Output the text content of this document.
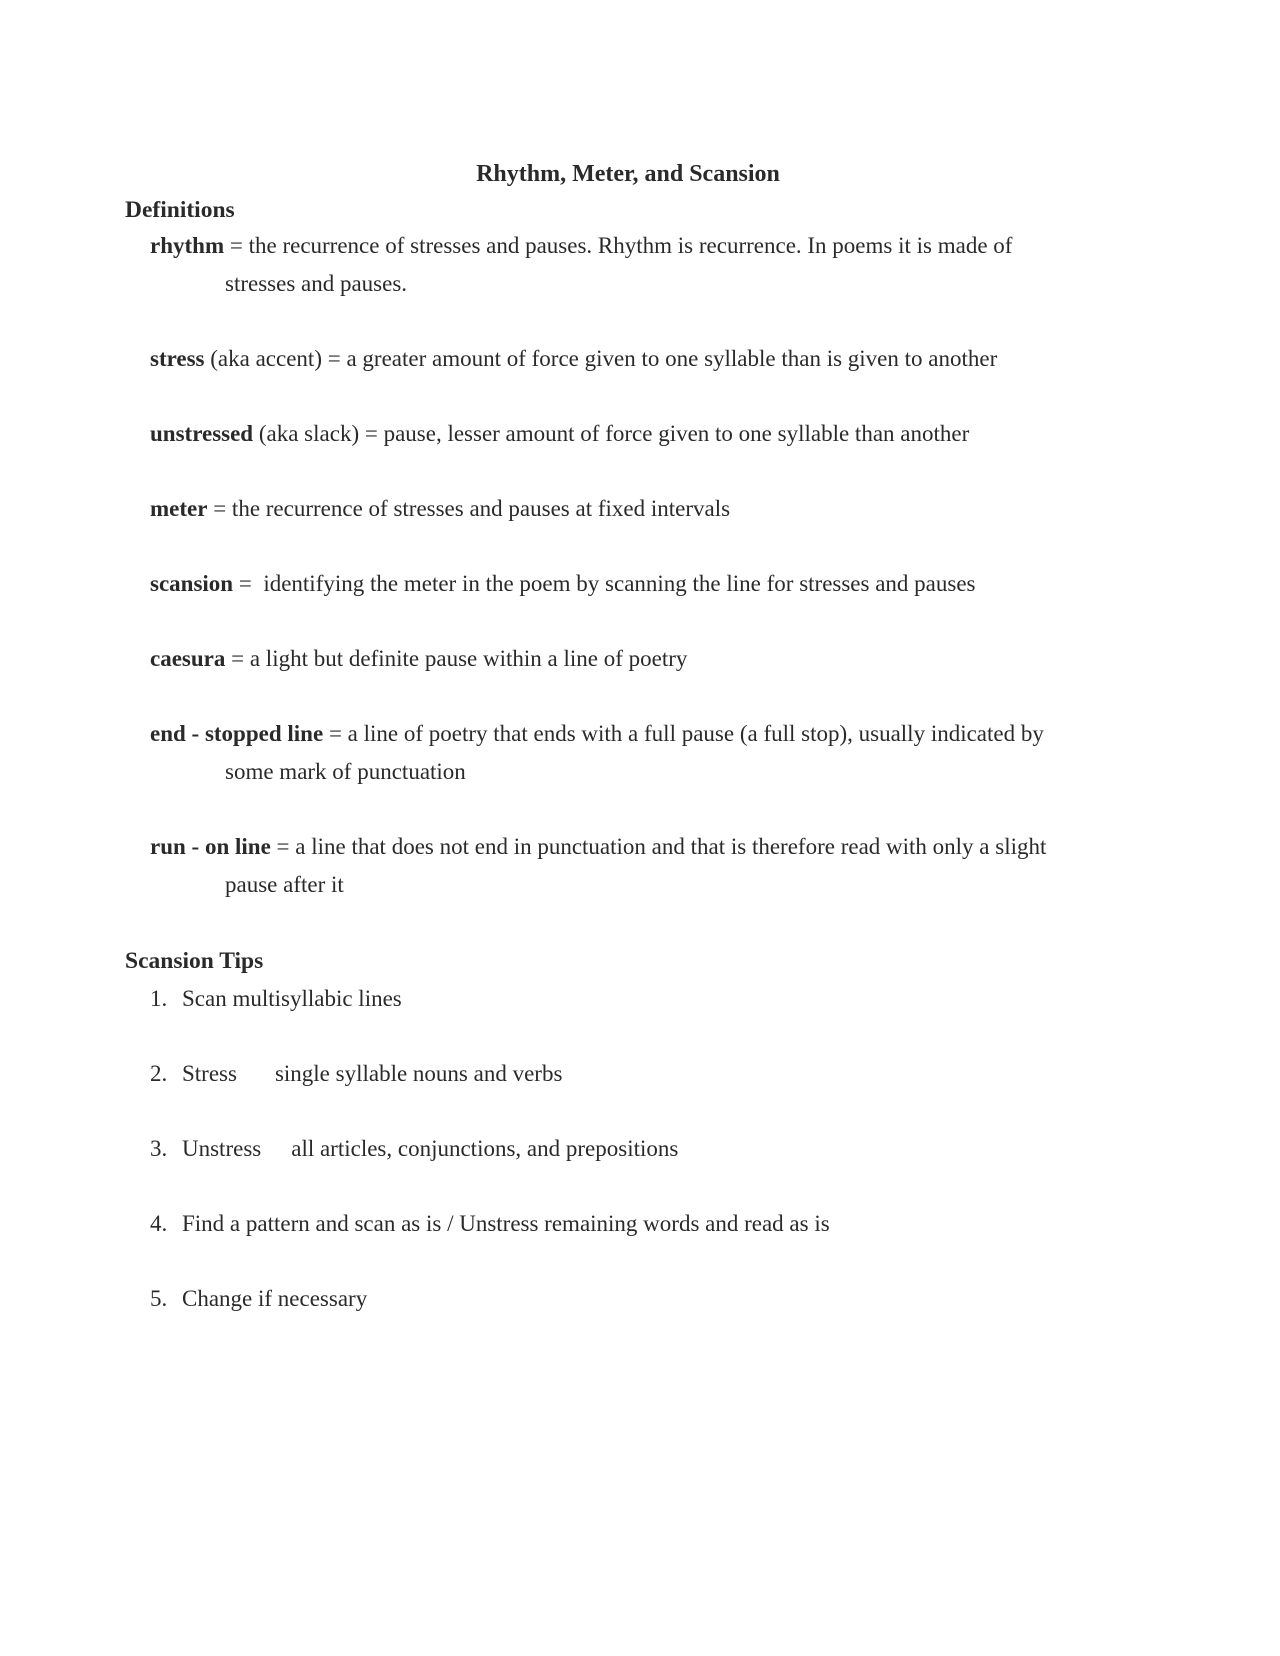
Rhythm, Meter, and Scansion
Definitions

rhythm = the recurrence of stresses and pauses. Rhythm is recurrence. In poems it is made of
stresses and pauses.

stress (aka accent) = a greater amount of force given to one syllable than is given to another

unstressed (aka slack) = pause, lesser amount of force given to one syllable than another

meter = the recurrence of stresses and pauses at fixed intervals

scansion =  identifying the meter in the poem by scanning the line for stresses and pauses

caesura = a light but definite pause within a line of poetry

end - stopped line = a line of poetry that ends with a full pause (a full stop), usually indicated by
some mark of punctuation

run - on line = a line that does not end in punctuation and that is therefore read with only a slight
pause after it

Scansion Tips
1. Scan multisyllabic lines
2. Stress single syllable nouns and verbs
3. Unstress all articles, conjunctions, and prepositions
4. Find a pattern and scan as is / Unstress remaining words and read as is
5. Change if necessary
